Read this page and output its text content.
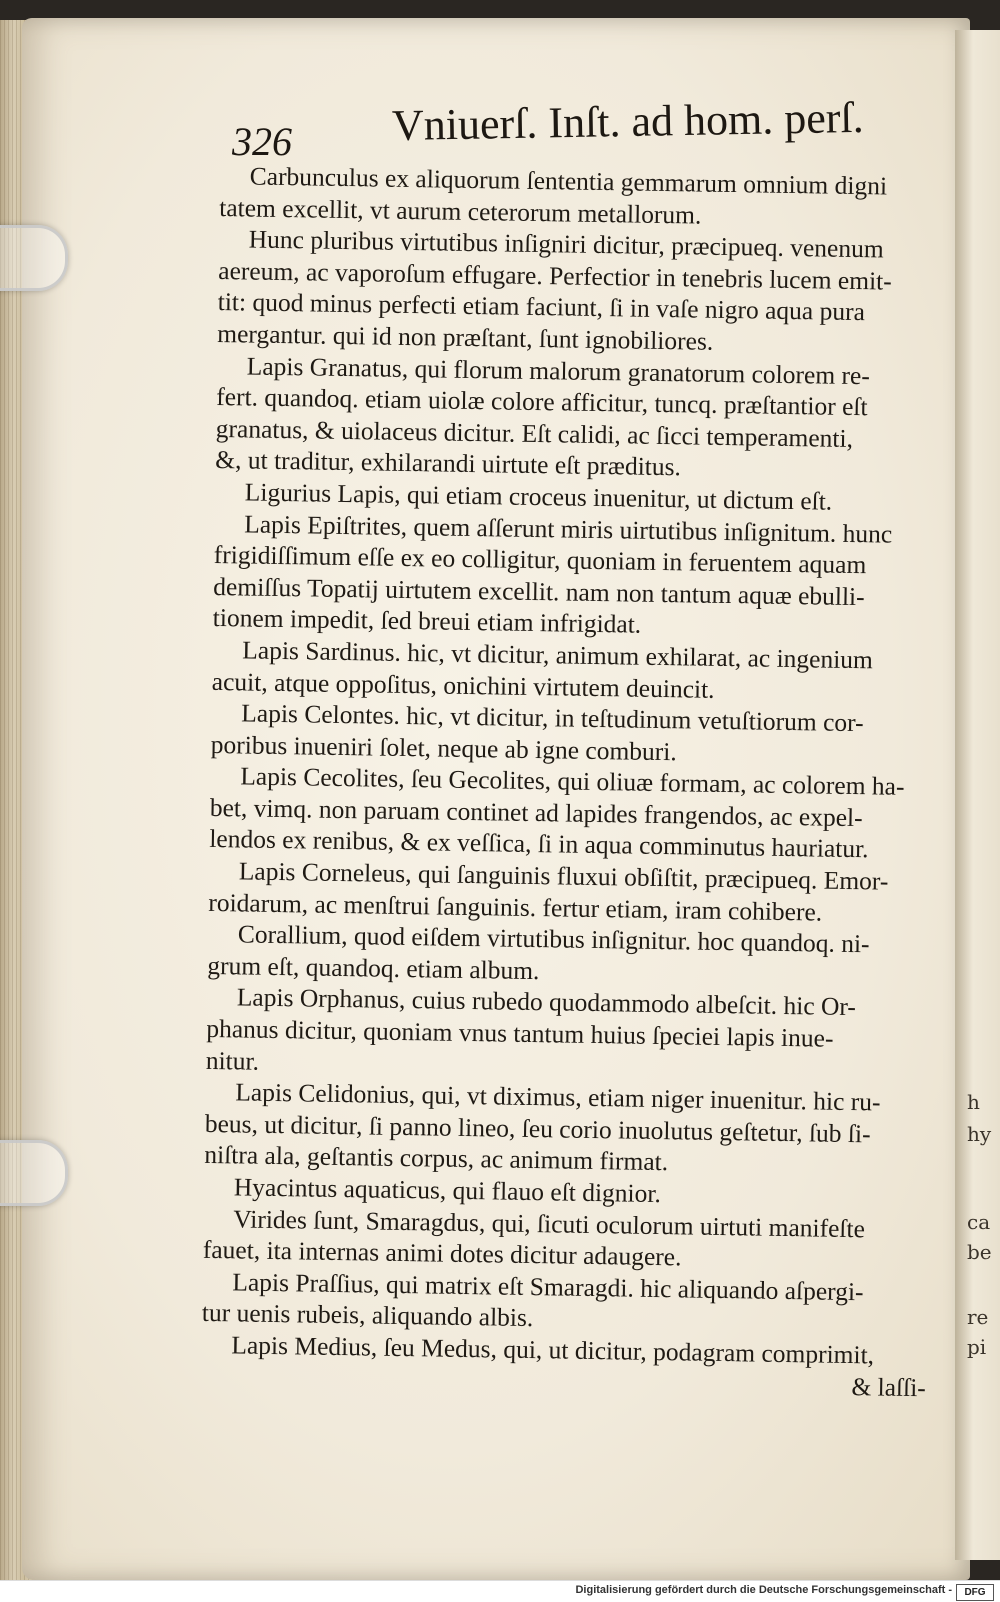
326 Vniuerſ. Inſt. ad hom. perſ.
Carbunculus ex aliquorum ſententia gemmarum omnium digni
tatem excellit, vt aurum ceterorum metallorum.
Hunc pluribus virtutibus inſigniri dicitur, præcipueq. venenum
aereum, ac vaporoſum effugare. Perfectior in tenebris lucem emit-
tit: quod minus perfecti etiam faciunt, ſi in vaſe nigro aqua pura
mergantur. qui id non præſtant, ſunt ignobiliores.
Lapis Granatus, qui florum malorum granatorum colorem re-
fert. quandoq. etiam uiolæ colore afficitur, tuncq. præſtantior eſt
granatus, & uiolaceus dicitur. Eſt calidi, ac ſicci temperamenti,
&, ut traditur, exhilarandi uirtute eſt præditus.
Ligurius Lapis, qui etiam croceus inuenitur, ut dictum eſt.
Lapis Epiſtrites, quem aſſerunt miris uirtutibus inſignitum. hunc
frigidiſſimum eſſe ex eo colligitur, quoniam in feruentem aquam
demiſſus Topatij uirtutem excellit. nam non tantum aquæ ebulli-
tionem impedit, ſed breui etiam infrigidat.
Lapis Sardinus. hic, vt dicitur, animum exhilarat, ac ingenium
acuit, atque oppoſitus, onichini virtutem deuincit.
Lapis Celontes. hic, vt dicitur, in teſtudinum vetuſtiorum cor-
poribus inueniri ſolet, neque ab igne comburi.
Lapis Cecolites, ſeu Gecolites, qui oliuæ formam, ac colorem ha-
bet, vimq. non paruam continet ad lapides frangendos, ac expel-
lendos ex renibus, & ex veſſica, ſi in aqua comminutus hauriatur.
Lapis Corneleus, qui ſanguinis fluxui obſiſtit, præcipueq. Emor-
roidarum, ac menſtrui ſanguinis. fertur etiam, iram cohibere.
Corallium, quod eiſdem virtutibus inſignitur. hoc quandoq. ni-
grum eſt, quandoq. etiam album.
Lapis Orphanus, cuius rubedo quodammodo albeſcit. hic Or-
phanus dicitur, quoniam vnus tantum huius ſpeciei lapis inue-
nitur.
Lapis Celidonius, qui, vt diximus, etiam niger inuenitur. hic ru-
beus, ut dicitur, ſi panno lineo, ſeu corio inuolutus geſtetur, ſub ſi-
niſtra ala, geſtantis corpus, ac animum firmat.
Hyacintus aquaticus, qui flauo eſt dignior.
Virides ſunt, Smaragdus, qui, ſicuti oculorum uirtuti manifeſte
fauet, ita internas animi dotes dicitur adaugere.
Lapis Praſſius, qui matrix eſt Smaragdi. hic aliquando aſpergi-
tur uenis rubeis, aliquando albis.
Lapis Medius, ſeu Medus, qui, ut dicitur, podagram comprimit,
& laſſi-
h
hy
ca
be
re
pi
Digitalisierung gefördert durch die Deutsche Forschungsgemeinschaft -	DFG
